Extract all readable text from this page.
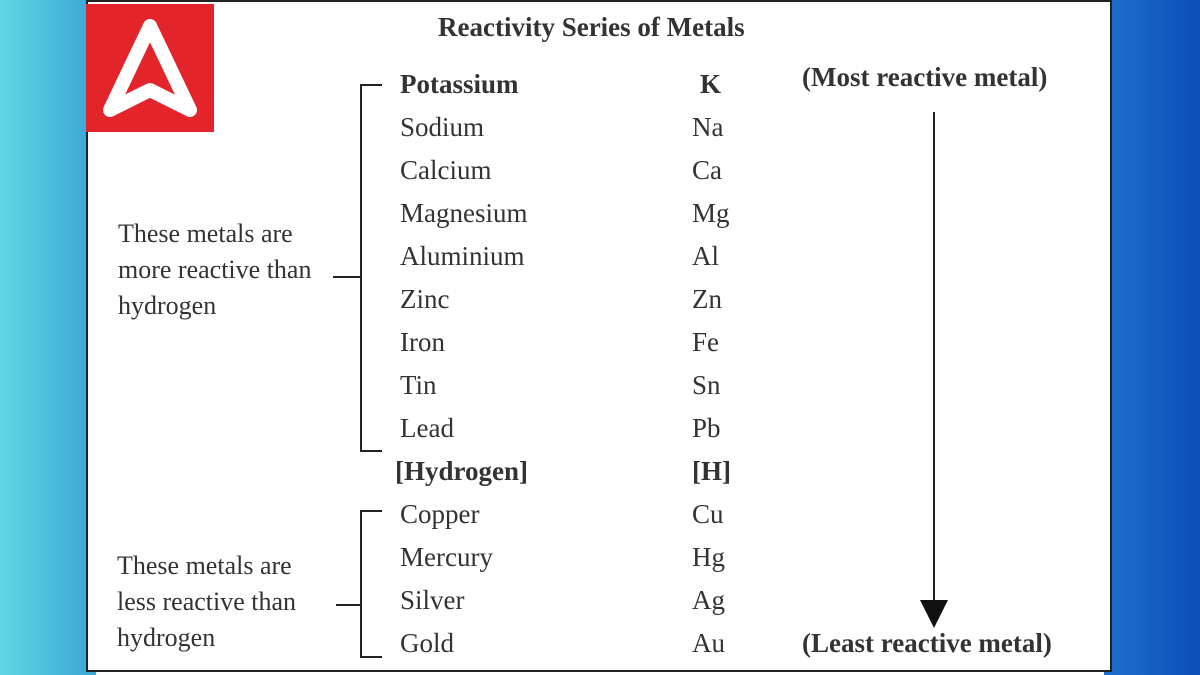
Reactivity Series of Metals
Potassium	K
Sodium	Na
Calcium	Ca
Magnesium	Mg
Aluminium	Al
Zinc	Zn
Iron	Fe
Tin	Sn
Lead	Pb
[Hydrogen]	[H]
Copper	Cu
Mercury	Hg
Silver	Ag
Gold	Au
(Most reactive metal)
(Least reactive metal)
These metals are more reactive than hydrogen
These metals are less reactive than hydrogen
